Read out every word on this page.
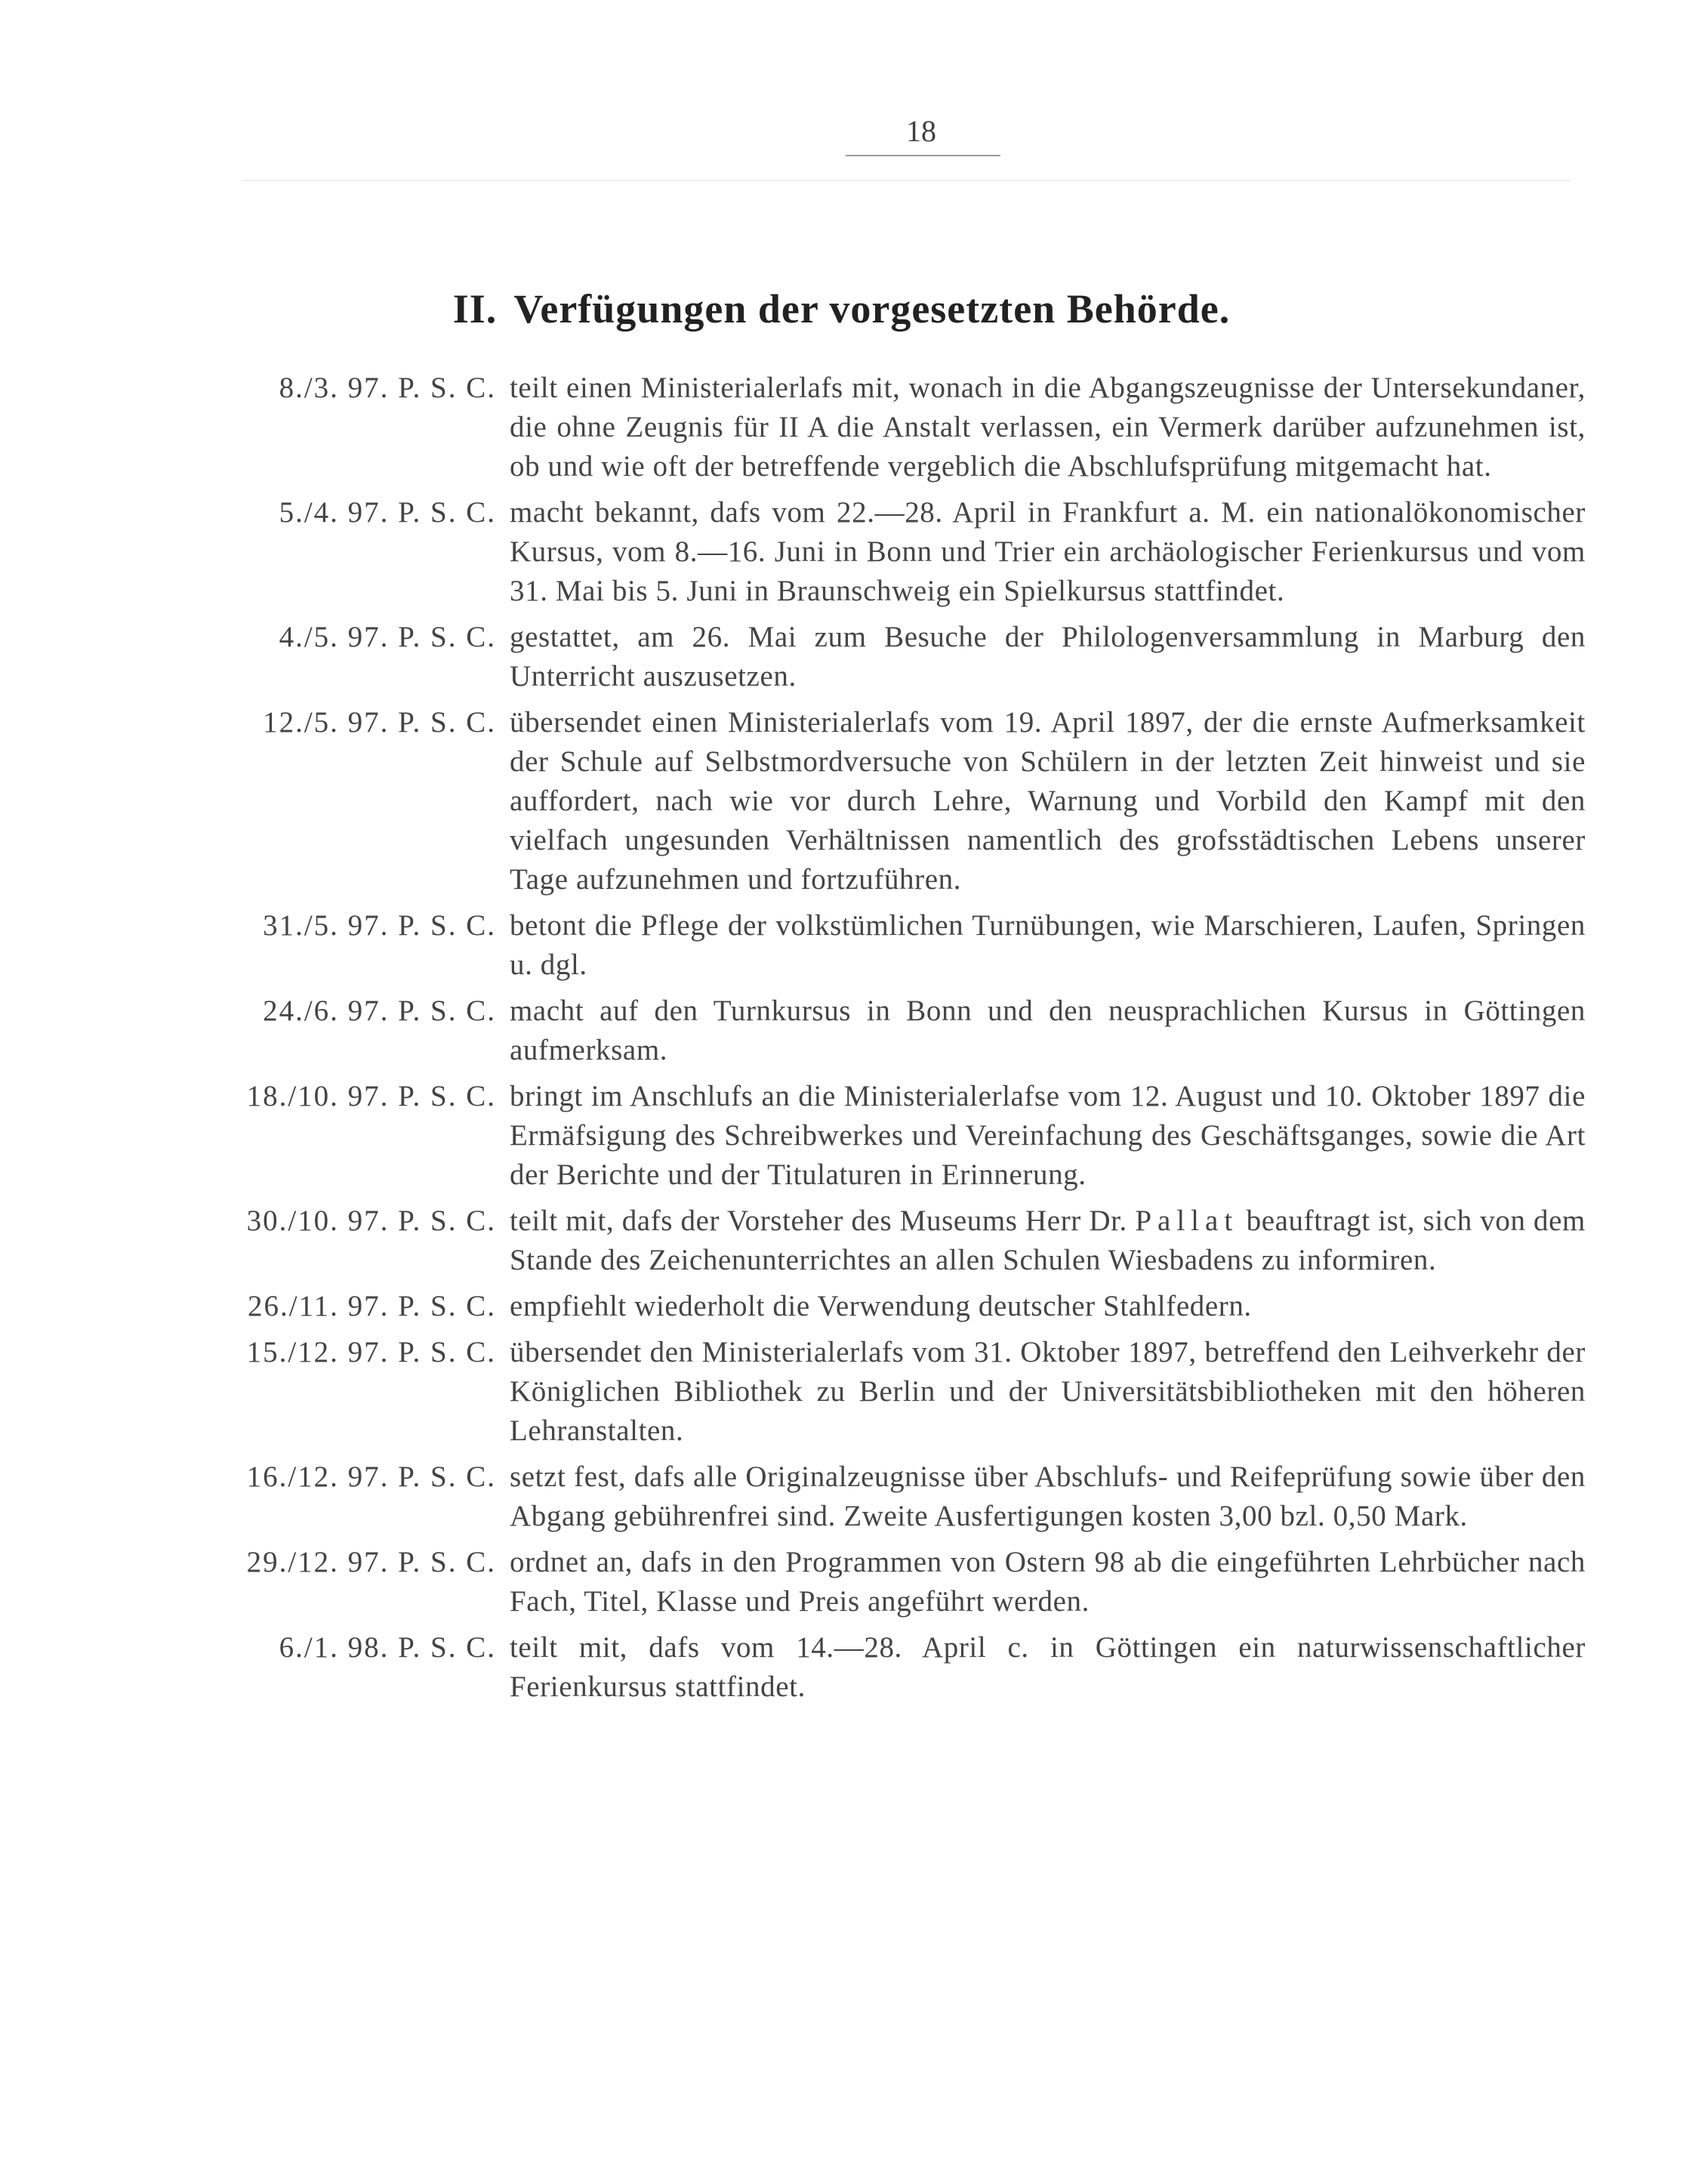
18
II. Verfügungen der vorgesetzten Behörde.
8./3. 97. P. S. C. teilt einen Ministerialerlafs mit, wonach in die Abgangszeugnisse der Untersekundaner, die ohne Zeugnis für II A die Anstalt verlassen, ein Vermerk darüber aufzunehmen ist, ob und wie oft der betreffende vergeblich die Abschlufsprüfung mitgemacht hat.
5./4. 97. P. S. C. macht bekannt, dafs vom 22.—28. April in Frankfurt a. M. ein nationalökonomischer Kursus, vom 8.—16. Juni in Bonn und Trier ein archäologischer Ferienkursus und vom 31. Mai bis 5. Juni in Braunschweig ein Spielkursus stattfindet.
4./5. 97. P. S. C. gestattet, am 26. Mai zum Besuche der Philologenversammlung in Marburg den Unterricht auszusetzen.
12./5. 97. P. S. C. übersendet einen Ministerialerlafs vom 19. April 1897, der die ernste Aufmerksamkeit der Schule auf Selbstmordversuche von Schülern in der letzten Zeit hinweist und sie auffordert, nach wie vor durch Lehre, Warnung und Vorbild den Kampf mit den vielfach ungesunden Verhältnissen namentlich des grofsstädtischen Lebens unserer Tage aufzunehmen und fortzuführen.
31./5. 97. P. S. C. betont die Pflege der volkstümlichen Turnübungen, wie Marschieren, Laufen, Springen u. dgl.
24./6. 97. P. S. C. macht auf den Turnkursus in Bonn und den neusprachlichen Kursus in Göttingen aufmerksam.
18./10. 97. P. S. C. bringt im Anschlufs an die Ministerialerlafse vom 12. August und 10. Oktober 1897 die Ermäfsigung des Schreibwerkes und Vereinfachung des Geschäftsganges, sowie die Art der Berichte und der Titulaturen in Erinnerung.
30./10. 97. P. S. C. teilt mit, dafs der Vorsteher des Museums Herr Dr. Pallat beauftragt ist, sich von dem Stande des Zeichenunterrichtes an allen Schulen Wiesbadens zu informiren.
26./11. 97. P. S. C. empfiehlt wiederholt die Verwendung deutscher Stahlfedern.
15./12. 97. P. S. C. übersendet den Ministerialerlafs vom 31. Oktober 1897, betreffend den Leihverkehr der Königlichen Bibliothek zu Berlin und der Universitätsbibliotheken mit den höheren Lehranstalten.
16./12. 97. P. S. C. setzt fest, dafs alle Originalzeugnisse über Abschlufs- und Reifeprüfung sowie über den Abgang gebührenfrei sind. Zweite Ausfertigungen kosten 3,00 bzl. 0,50 Mark.
29./12. 97. P. S. C. ordnet an, dafs in den Programmen von Ostern 98 ab die eingeführten Lehrbücher nach Fach, Titel, Klasse und Preis angeführt werden.
6./1. 98. P. S. C. teilt mit, dafs vom 14.—28. April c. in Göttingen ein naturwissenschaftlicher Ferienkursus stattfindet.
